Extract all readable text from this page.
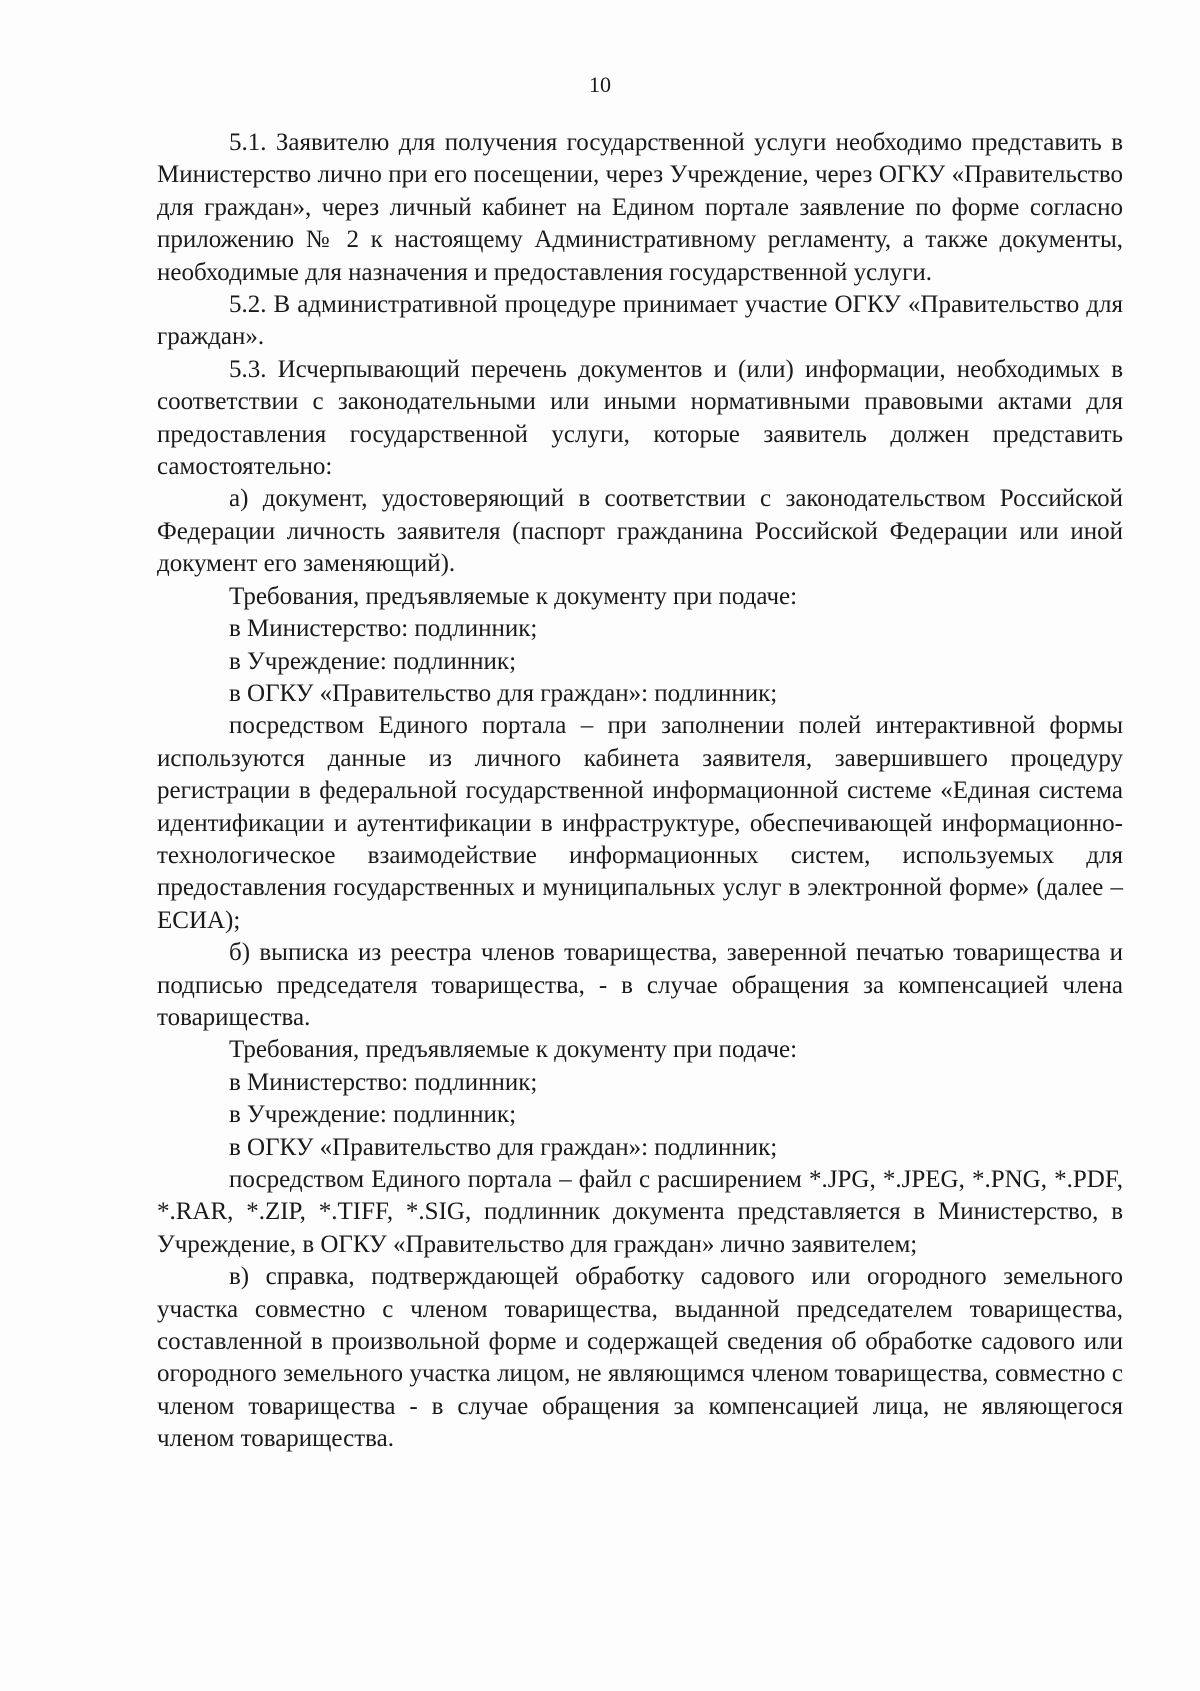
10

5.1. Заявителю для получения государственной услуги необходимо представить в Министерство лично при его посещении, через Учреждение, через ОГКУ «Правительство для граждан», через личный кабинет на Едином портале заявление по форме согласно приложению № 2 к настоящему Административному регламенту, а также документы, необходимые для назначения и предоставления государственной услуги.

5.2. В административной процедуре принимает участие ОГКУ «Правительство для граждан».

5.3. Исчерпывающий перечень документов и (или) информации, необходимых в соответствии с законодательными или иными нормативными правовыми актами для предоставления государственной услуги, которые заявитель должен представить самостоятельно:

а) документ, удостоверяющий в соответствии с законодательством Российской Федерации личность заявителя (паспорт гражданина Российской Федерации или иной документ его заменяющий).

Требования, предъявляемые к документу при подаче:

в Министерство: подлинник;

в Учреждение: подлинник;

в ОГКУ «Правительство для граждан»: подлинник;

посредством Единого портала – при заполнении полей интерактивной формы используются данные из личного кабинета заявителя, завершившего процедуру регистрации в федеральной государственной информационной системе «Единая система идентификации и аутентификации в инфраструктуре, обеспечивающей информационно-технологическое взаимодействие информационных систем, используемых для предоставления государственных и муниципальных услуг в электронной форме» (далее – ЕСИА);

б) выписка из реестра членов товарищества, заверенной печатью товарищества и подписью председателя товарищества, - в случае обращения за компенсацией члена товарищества.

Требования, предъявляемые к документу при подаче:

в Министерство: подлинник;

в Учреждение: подлинник;

в ОГКУ «Правительство для граждан»: подлинник;

посредством Единого портала – файл с расширением *.JPG, *.JPEG, *.PNG, *.PDF, *.RAR, *.ZIP, *.TIFF, *.SIG, подлинник документа представляется в Министерство, в Учреждение, в ОГКУ «Правительство для граждан» лично заявителем;

в) справка, подтверждающей обработку садового или огородного земельного участка совместно с членом товарищества, выданной председателем товарищества, составленной в произвольной форме и содержащей сведения об обработке садового или огородного земельного участка лицом, не являющимся членом товарищества, совместно с членом товарищества - в случае обращения за компенсацией лица, не являющегося членом товарищества.
